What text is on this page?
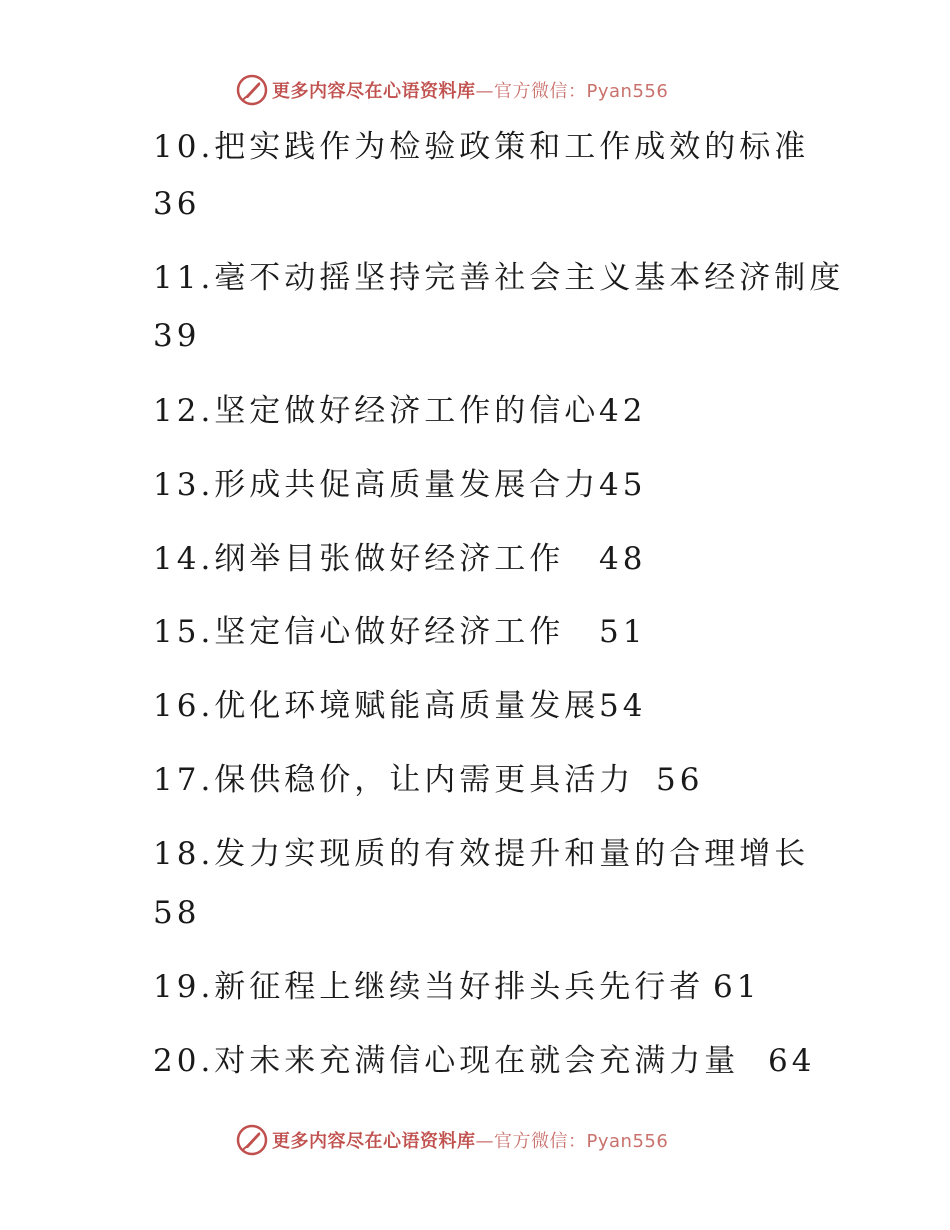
更多内容尽在心语资料库—官方微信：Pyan556
10.把实践作为检验政策和工作成效的标准
36
11.毫不动摇坚持完善社会主义基本经济制度
39
12.坚定做好经济工作的信心 42
13.形成共促高质量发展合力 45
14.纲举目张做好经济工作 48
15.坚定信心做好经济工作 51
16.优化环境赋能高质量发展 54
17.保供稳价，让内需更具活力 56
18.发力实现质的有效提升和量的合理增长
58
19.新征程上继续当好排头兵先行者 61
20.对未来充满信心现在就会充满力量 64
更多内容尽在心语资料库—官方微信：Pyan556
